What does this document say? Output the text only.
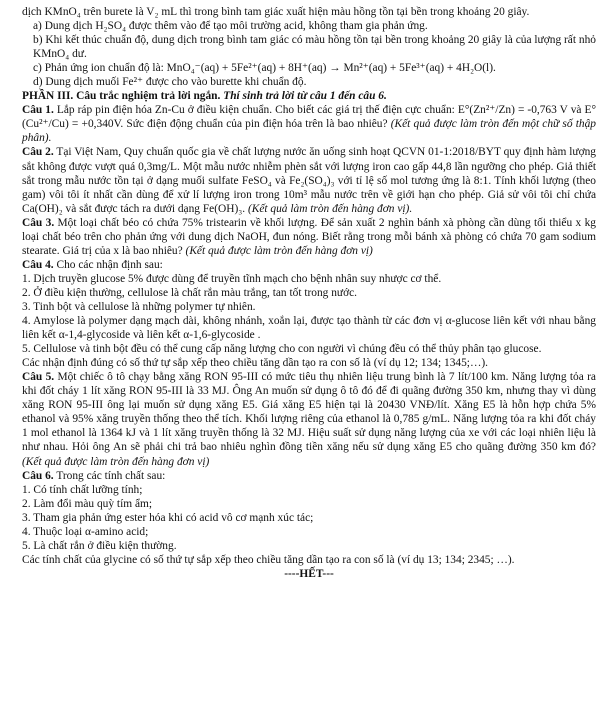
dịch KMnO₄ trên burete là V₂ mL thì trong bình tam giác xuất hiện màu hồng tồn tại bền trong khoảng 20 giây.

a) Dung dịch H₂SO₄ được thêm vào để tạo môi trường acid, không tham gia phản ứng.

b) Khi kết thúc chuẩn độ, dung dịch trong bình tam giác có màu hồng tồn tại bền trong khoảng 20 giây là của lượng rất nhỏ KMnO₄ dư.

c) Phản ứng ion chuẩn độ là: MnO₄⁻(aq) + 5Fe²⁺(aq) + 8H⁺(aq) → Mn²⁺(aq) + 5Fe³⁺(aq) + 4H₂O(l).

d) Dung dịch muối Fe²⁺ được cho vào burette khi chuẩn độ.

PHẦN III. Câu trắc nghiệm trả lời ngắn. Thí sinh trả lời từ câu 1 đến câu 6.

Câu 1. Lắp ráp pin điện hóa Zn-Cu ở điều kiện chuẩn. Cho biết các giá trị thế điện cực chuẩn: E°(Zn²⁺/Zn) = -0,763 V và E°(Cu²⁺/Cu) = +0,340V. Sức điện động chuẩn của pin điện hóa trên là bao nhiêu? (Kết quả được làm tròn đến một chữ số thập phân).

Câu 2. Tại Việt Nam, Quy chuẩn quốc gia về chất lượng nước ăn uống sinh hoạt QCVN 01-1:2018/BYT quy định hàm lượng sắt không được vượt quá 0,3mg/L. Một mẫu nước nhiễm phèn sắt với lượng iron cao gấp 44,8 lần ngưỡng cho phép. Giả thiết sắt trong mẫu nước tồn tại ở dạng muối sulfate FeSO₄ và Fe₂(SO₄)₃ với tỉ lệ số mol tương ứng là 8:1. Tính khối lượng (theo gam) vôi tôi ít nhất cần dùng để xử lí lượng iron trong 10m³ mẫu nước trên về giới hạn cho phép. Giả sử vôi tôi chỉ chứa Ca(OH)₂ và sắt được tách ra dưới dạng Fe(OH)₃. (Kết quả làm tròn đến hàng đơn vị).

Câu 3. Một loại chất béo có chứa 75% tristearin về khối lượng. Để sản xuất 2 nghìn bánh xà phòng cần dùng tối thiểu x kg loại chất béo trên cho phản ứng với dung dịch NaOH, đun nóng. Biết rằng trong mỗi bánh xà phòng có chứa 70 gam sodium stearate. Giá trị của x là bao nhiêu? (Kết quả được làm tròn đến hàng đơn vị)

Câu 4. Cho các nhận định sau:

1. Dịch truyền glucose 5% được dùng để truyền tĩnh mạch cho bệnh nhân suy nhược cơ thể.

2. Ở điều kiện thường, cellulose là chất rắn màu trắng, tan tốt trong nước.

3. Tinh bột và cellulose là những polymer tự nhiên.

4. Amylose là polymer dạng mạch dài, không nhánh, xoắn lại, được tạo thành từ các đơn vị α-glucose liên kết với nhau bằng liên kết α-1,4-glycoside và liên kết α-1,6-glycoside .

5. Cellulose và tinh bột đều có thể cung cấp năng lượng cho con người vì chúng đều có thể thủy phân tạo glucose.

Các nhận định đúng có số thứ tự sắp xếp theo chiều tăng dần tạo ra con số là (ví dụ 12; 134; 1345;…).

Câu 5. Một chiếc ô tô chạy bằng xăng RON 95-III có mức tiêu thụ nhiên liệu trung bình là 7 lít/100 km. Năng lượng tỏa ra khi đốt cháy 1 lít xăng RON 95-III là 33 MJ. Ông An muốn sử dụng ô tô đó để đi quãng đường 350 km, nhưng thay vì dùng xăng RON 95-III ông lại muốn sử dụng xăng E5. Giá xăng E5 hiện tại là 20430 VNĐ/lít. Xăng E5 là hỗn hợp chứa 5% ethanol và 95% xăng truyền thống theo thể tích. Khối lượng riêng của ethanol là 0,785 g/mL. Năng lượng tỏa ra khi đốt cháy 1 mol ethanol là 1364 kJ và 1 lít xăng truyền thống là 32 MJ. Hiệu suất sử dụng năng lượng của xe với các loại nhiên liệu là như nhau. Hỏi ông An sẽ phải chi trả bao nhiêu nghìn đồng tiền xăng nếu sử dụng xăng E5 cho quãng đường 350 km đó? (Kết quả được làm tròn đến hàng đơn vị)

Câu 6. Trong các tính chất sau:

1. Có tính chất lưỡng tính;

2. Làm đổi màu quỳ tím ẩm;

3. Tham gia phản ứng ester hóa khi có acid vô cơ mạnh xúc tác;

4. Thuộc loại α-amino acid;

5. Là chất rắn ở điều kiện thường.

Các tính chất của glycine có số thứ tự sắp xếp theo chiều tăng dần tạo ra con số là (ví dụ 13; 134; 2345; …).

----HẾT---
